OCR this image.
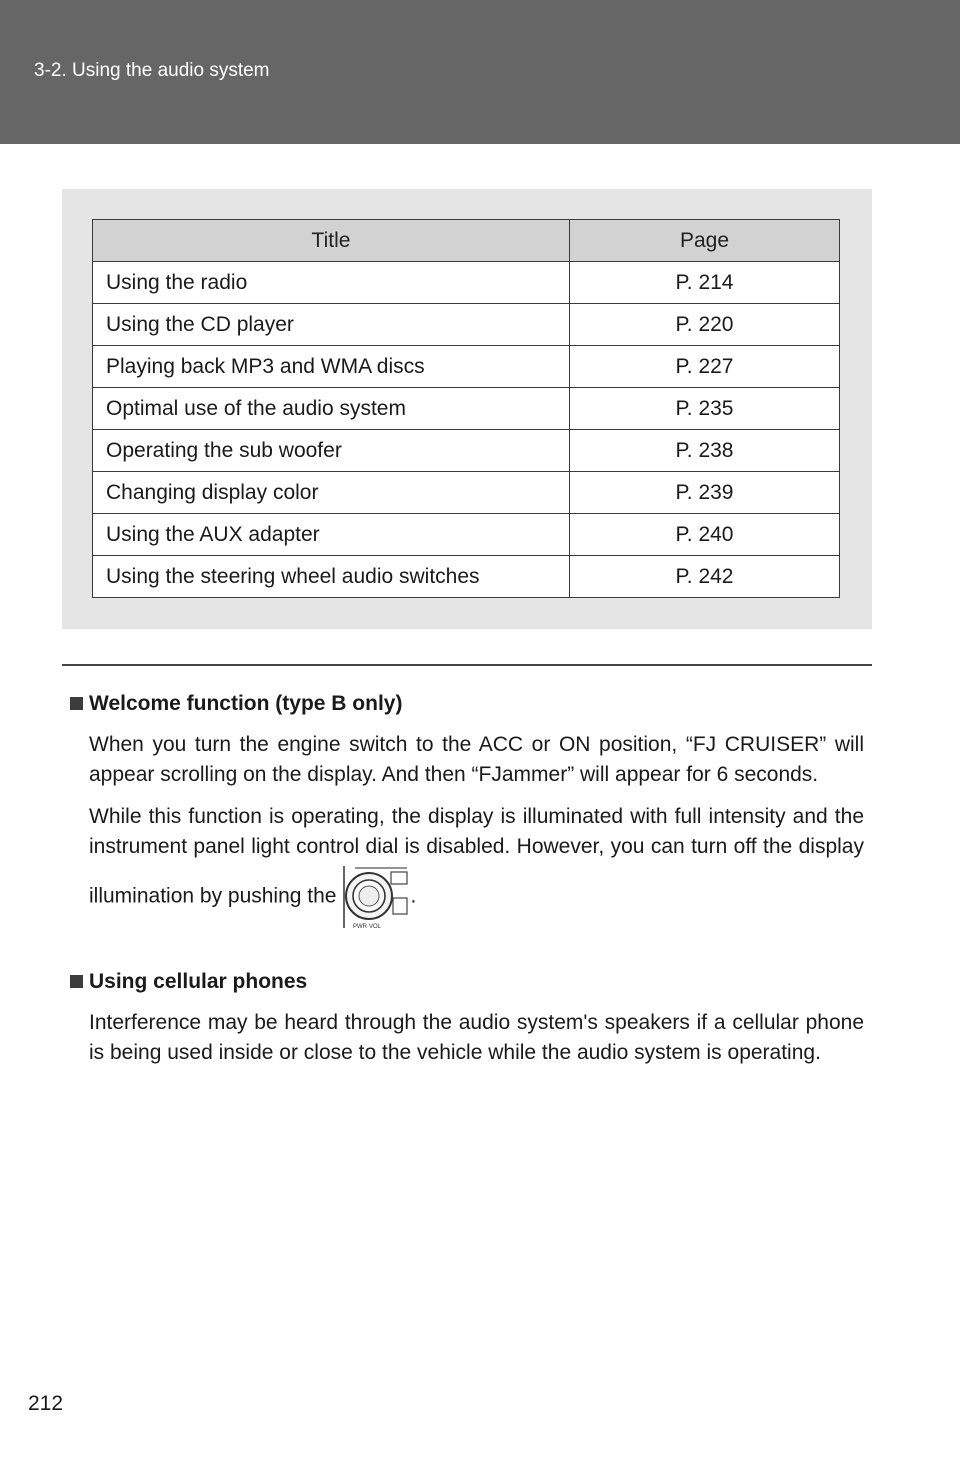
3-2. Using the audio system
Title	Page
Using the radio	P. 214
Using the CD player	P. 220
Playing back MP3 and WMA discs	P. 227
Optimal use of the audio system	P. 235
Operating the sub woofer	P. 238
Changing display color	P. 239
Using the AUX adapter	P. 240
Using the steering wheel audio switches	P. 242
Welcome function (type B only)

When you turn the engine switch to the ACC or ON position, “FJ CRUISER” will appear scrolling on the display. And then “FJammer” will appear for 6 seconds.

While this function is operating, the display is illuminated with full intensity and the instrument panel light control dial is disabled. However, you can turn off the display illumination by pushing the
PWR·VOL
.

Using cellular phones

Interference may be heard through the audio system's speakers if a cellular phone is being used inside or close to the vehicle while the audio system is operating.

212
